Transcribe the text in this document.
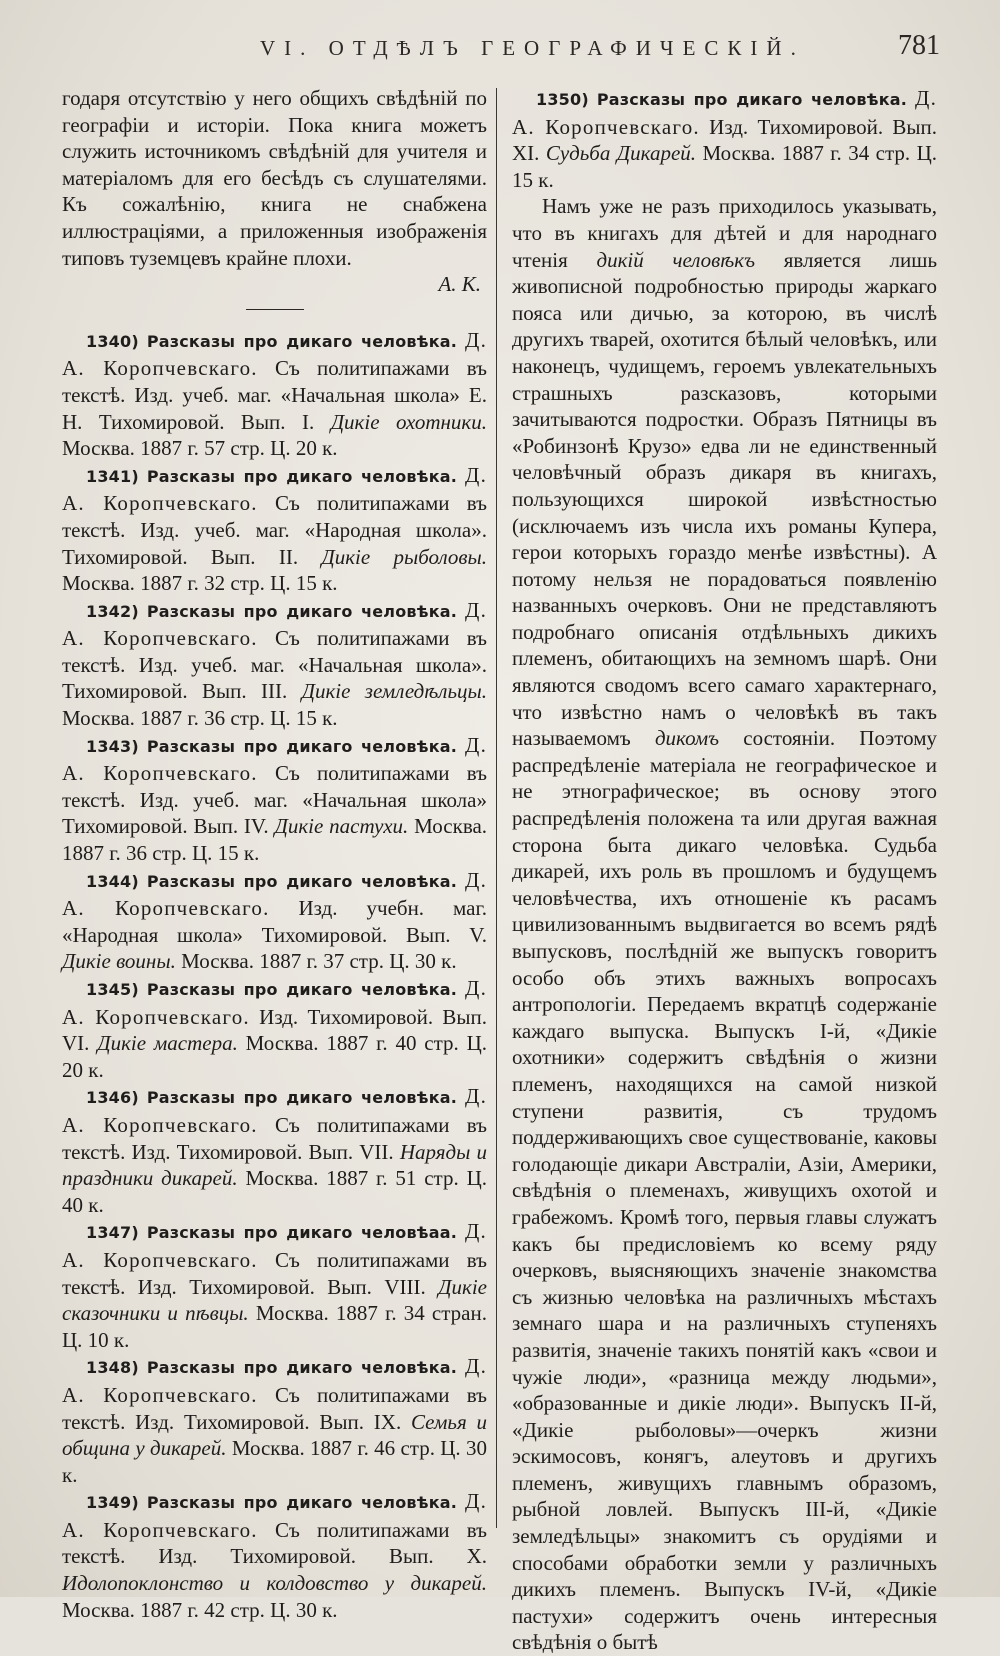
VI. ОТДѢЛЪ ГЕОГРАФИЧЕСКІЙ.	781

годаря отсутствію у него общихъ свѣдѣній по географіи и исторіи. Пока книга можетъ служить источникомъ свѣдѣній для учителя и матеріаломъ для его бесѣдъ съ слушателями. Къ сожалѣнію, книга не снабжена иллюстраціями, а приложенныя изображенія типовъ туземцевъ крайне плохи.

А. К.

1340) Разсказы про дикаго человѣка. Д. А. Коропчевскаго. Съ политипажами въ текстѣ. Изд. учеб. маг. «Начальная школа» Е. Н. Тихомировой. Вып. I. Дикіе охотники. Москва. 1887 г. 57 стр. Ц. 20 к.

1341) Разсказы про дикаго человѣка. Д. А. Коропчевскаго. Съ политипажами въ текстѣ. Изд. учеб. маг. «Народная школа». Тихомировой. Вып. II. Дикіе рыболовы. Москва. 1887 г. 32 стр. Ц. 15 к.

1342) Разсказы про дикаго человѣка. Д. А. Коропчевскаго. Съ политипажами въ текстѣ. Изд. учеб. маг. «Начальная школа». Тихомировой. Вып. III. Дикіе земледѣльцы. Москва. 1887 г. 36 стр. Ц. 15 к.

1343) Разсказы про дикаго человѣка. Д. А. Коропчевскаго. Съ политипажами въ текстѣ. Изд. учеб. маг. «Начальная школа» Тихомировой. Вып. IV. Дикіе пастухи. Москва. 1887 г. 36 стр. Ц. 15 к.

1344) Разсказы про дикаго человѣка. Д. А. Коропчевскаго. Изд. учебн. маг. «Народная школа» Тихомировой. Вып. V. Дикіе воины. Москва. 1887 г. 37 стр. Ц. 30 к.

1345) Разсказы про дикаго человѣка. Д. А. Коропчевскаго. Изд. Тихомировой. Вып. VI. Дикіе мастера. Москва. 1887 г. 40 стр. Ц. 20 к.

1346) Разсказы про дикаго человѣка. Д. А. Коропчевскаго. Съ политипажами въ текстѣ. Изд. Тихомировой. Вып. VII. Наряды и праздники дикарей. Москва. 1887 г. 51 стр. Ц. 40 к.

1347) Разсказы про дикаго человѣаа. Д. А. Коропчевскаго. Съ политипажами въ текстѣ. Изд. Тихомировой. Вып. VIII. Дикіе сказочники и пѣвцы. Москва. 1887 г. 34 стран. Ц. 10 к.

1348) Разсказы про дикаго человѣка. Д. А. Коропчевскаго. Съ политипажами въ текстѣ. Изд. Тихомировой. Вып. IX. Семья и община у дикарей. Москва. 1887 г. 46 стр. Ц. 30 к.

1349) Разсказы про дикаго человѣка. Д. А. Коропчевскаго. Съ политипажами въ текстѣ. Изд. Тихомировой. Вып. X. Идолопоклонство и колдовство у дикарей. Москва. 1887 г. 42 стр. Ц. 30 к.

1350) Разсказы про дикаго человѣка. Д. А. Коропчевскаго. Изд. Тихомировой. Вып. XI. Судьба Дикарей. Москва. 1887 г. 34 стр. Ц. 15 к.

Намъ уже не разъ приходилось указывать, что въ книгахъ для дѣтей и для народнаго чтенія дикій человѣкъ является лишь живописной подробностью природы жаркаго пояса или дичью, за которою, въ числѣ другихъ тварей, охотится бѣлый человѣкъ, или наконецъ, чудищемъ, героемъ увлекательныхъ страшныхъ разсказовъ, которыми зачитываются подростки. Образъ Пятницы въ «Робинзонѣ Крузо» едва ли не единственный человѣчный образъ дикаря въ книгахъ, пользующихся широкой извѣстностью (исключаемъ изъ числа ихъ романы Купера, герои которыхъ гораздо менѣе извѣстны). А потому нельзя не порадоваться появленію названныхъ очерковъ. Они не представляютъ подробнаго описанія отдѣльныхъ дикихъ племенъ, обитающихъ на земномъ шарѣ. Они являются сводомъ всего самаго характернаго, что извѣстно намъ о человѣкѣ въ такъ называемомъ дикомъ состояніи. Поэтому распредѣленіе матеріала не географическое и не этнографическое; въ основу этого распредѣленія положена та или другая важная сторона быта дикаго человѣка. Судьба дикарей, ихъ роль въ прошломъ и будущемъ человѣчества, ихъ отношеніе къ расамъ цивилизованнымъ выдвигается во всемъ рядѣ выпусковъ, послѣдній же выпускъ говоритъ особо объ этихъ важныхъ вопросахъ антропологіи. Передаемъ вкратцѣ содержаніе каждаго выпуска. Выпускъ I-й, «Дикіе охотники» содержитъ свѣдѣнія о жизни племенъ, находящихся на самой низкой ступени развитія, съ трудомъ поддерживающихъ свое существованіе, каковы голодающіе дикари Австраліи, Азіи, Америки, свѣдѣнія о племенахъ, живущихъ охотой и грабежомъ. Кромѣ того, первыя главы служатъ какъ бы предисловіемъ ко всему ряду очерковъ, выясняющихъ значеніе знакомства съ жизнью человѣка на различныхъ мѣстахъ земнаго шара и на различныхъ ступеняхъ развитія, значеніе такихъ понятій какъ «свои и чужіе люди», «разница между людьми», «образованные и дикіе люди». Выпускъ II-й, «Дикіе рыболовы»—очеркъ жизни эскимосовъ, конягъ, алеутовъ и другихъ племенъ, живущихъ главнымъ образомъ, рыбной ловлей. Выпускъ III-й, «Дикіе земледѣльцы» знакомитъ съ орудіями и способами обработки земли у различныхъ дикихъ племенъ. Выпускъ IV-й, «Дикіе пастухи» содержитъ очень интересныя свѣдѣнія о бытѣ
